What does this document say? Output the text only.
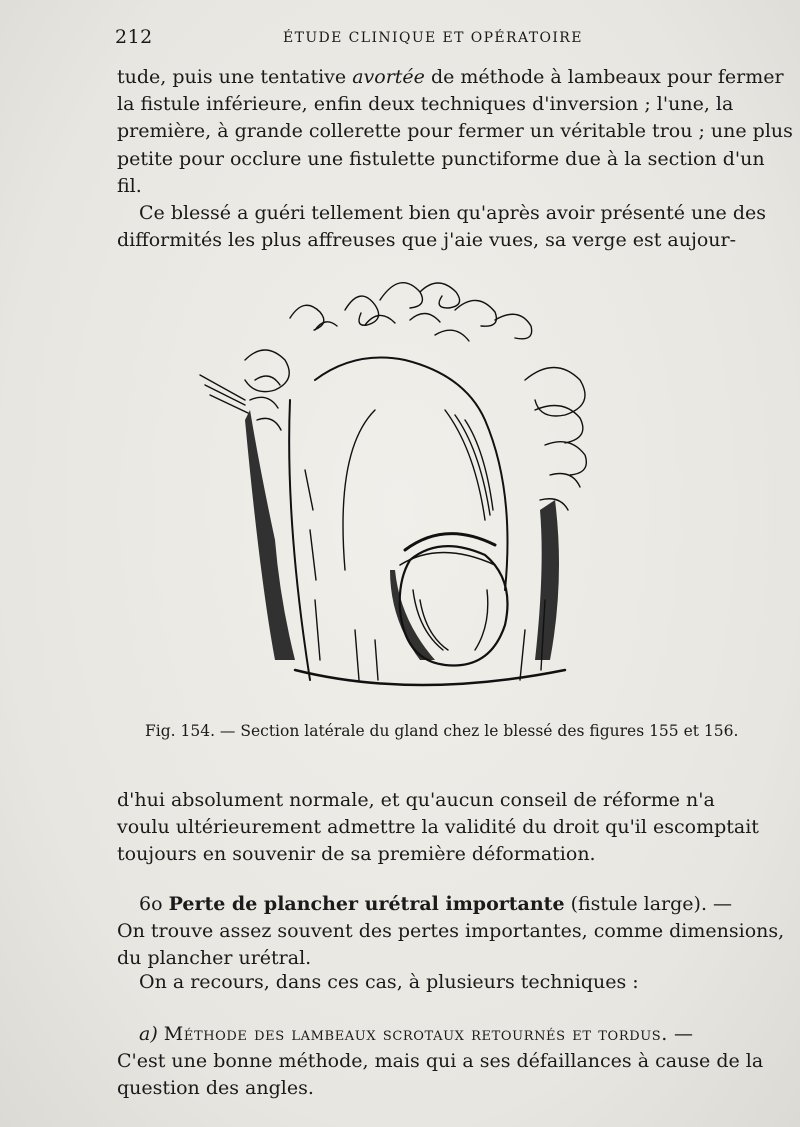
212	ÉTUDE CLINIQUE ET OPÉRATOIRE
tude, puis une tentative avortée de méthode à lambeaux pour fermer
la fistule inférieure, enfin deux techniques d'inversion ; l'une, la
première, à grande collerette pour fermer un véritable trou ; une plus
petite pour occlure une fistulette punctiforme due à la section d'un
fil.
Ce blessé a guéri tellement bien qu'après avoir présenté une des
difformités les plus affreuses que j'aie vues, sa verge est aujour-
Fig. 154. — Section latérale du gland chez le blessé des figures 155 et 156.
d'hui absolument normale, et qu'aucun conseil de réforme n'a
voulu ultérieurement admettre la validité du droit qu'il escomptait
toujours en souvenir de sa première déformation.
6o Perte de plancher urétral importante (fistule large). —
On trouve assez souvent des pertes importantes, comme dimensions,
du plancher urétral.
On a recours, dans ces cas, à plusieurs techniques :
a) Méthode des lambeaux scrotaux retournés et tordus. —
C'est une bonne méthode, mais qui a ses défaillances à cause de la
question des angles.
